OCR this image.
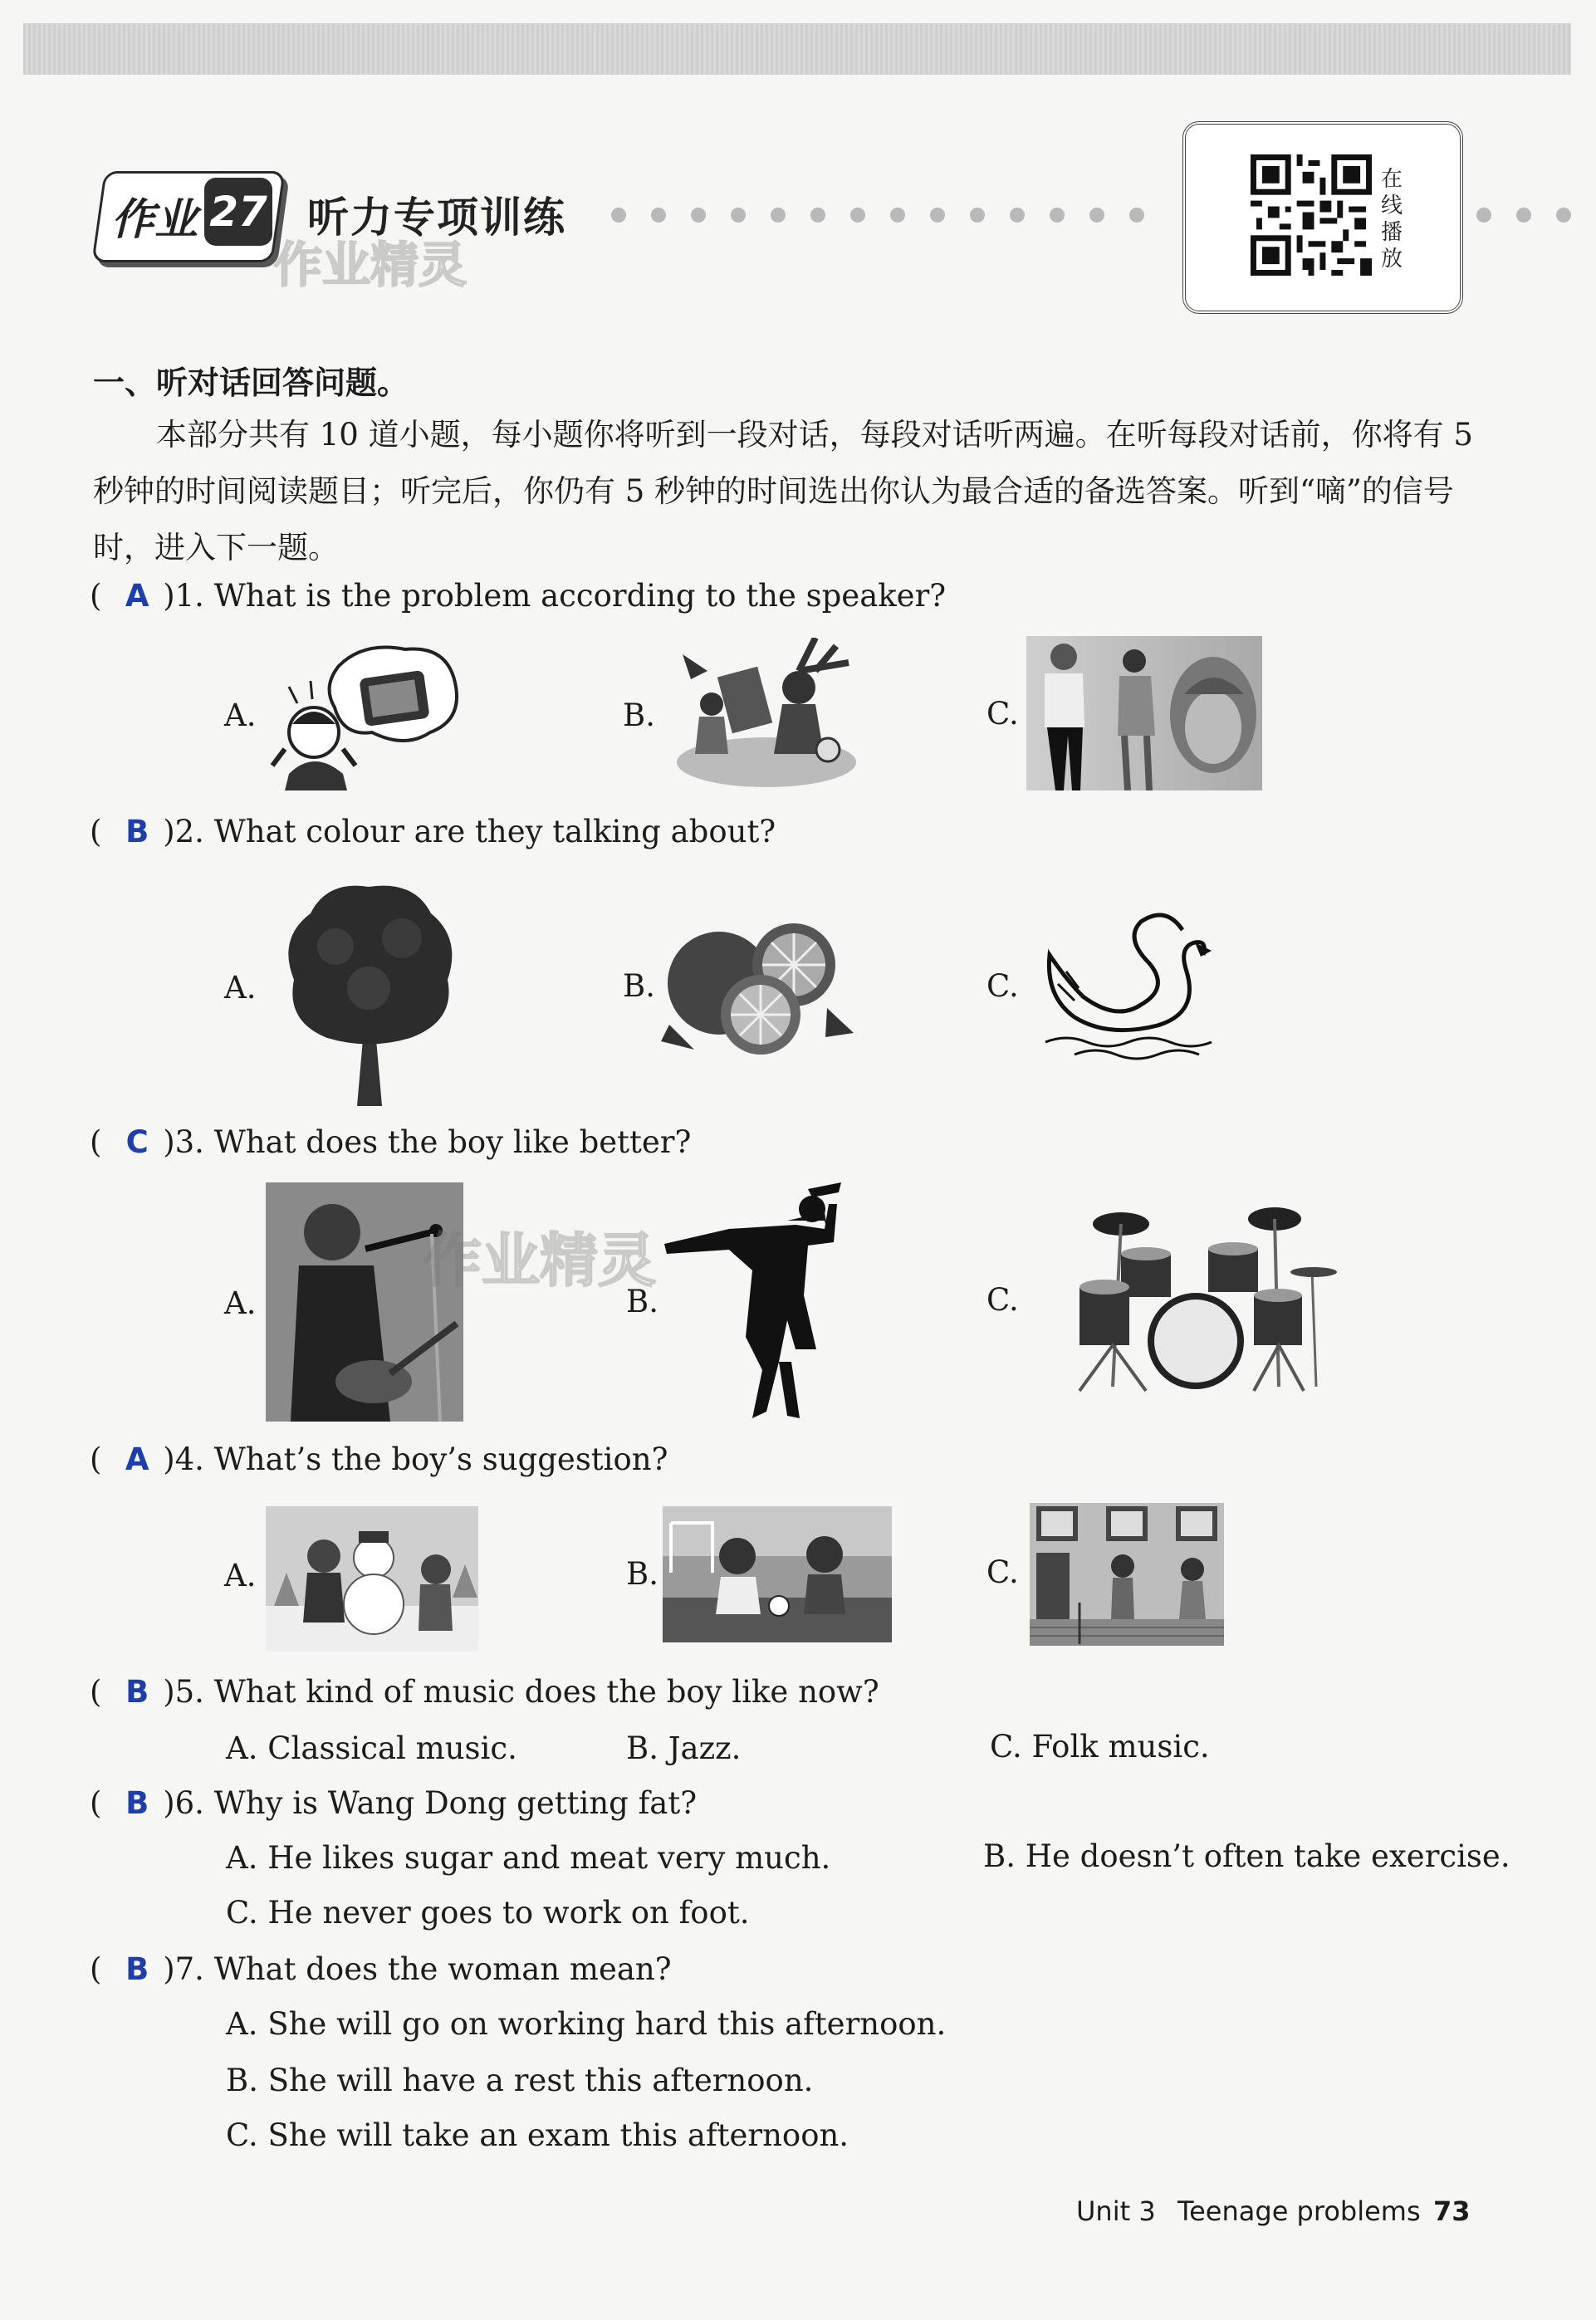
作业 27 听力专项训练
作业精灵
在
线
播
放
一、听对话回答问题。
本部分共有 10 道小题，每小题你将听到一段对话，每段对话听两遍。在听每段对话前，你将有 5 秒钟的时间阅读题目；听完后，你仍有 5 秒钟的时间选出你认为最合适的备选答案。听到“嘀”的信号时，进入下一题。
( A )1. What is the problem according to the speaker?
A.	B.	C.
( B )2. What colour are they talking about?
A.	B.	C.
( C )3. What does the boy like better?
A.	B.	C.
作业精灵
( A )4. What’s the boy’s suggestion?
A.	B.	C.
( B )5. What kind of music does the boy like now?
A. Classical music.	B. Jazz.	C. Folk music.
( B )6. Why is Wang Dong getting fat?
A. He likes sugar and meat very much.	B. He doesn’t often take exercise.
C. He never goes to work on foot.
( B )7. What does the woman mean?
A. She will go on working hard this afternoon.
B. She will have a rest this afternoon.
C. She will take an exam this afternoon.
Unit 3 Teenage problems 73
